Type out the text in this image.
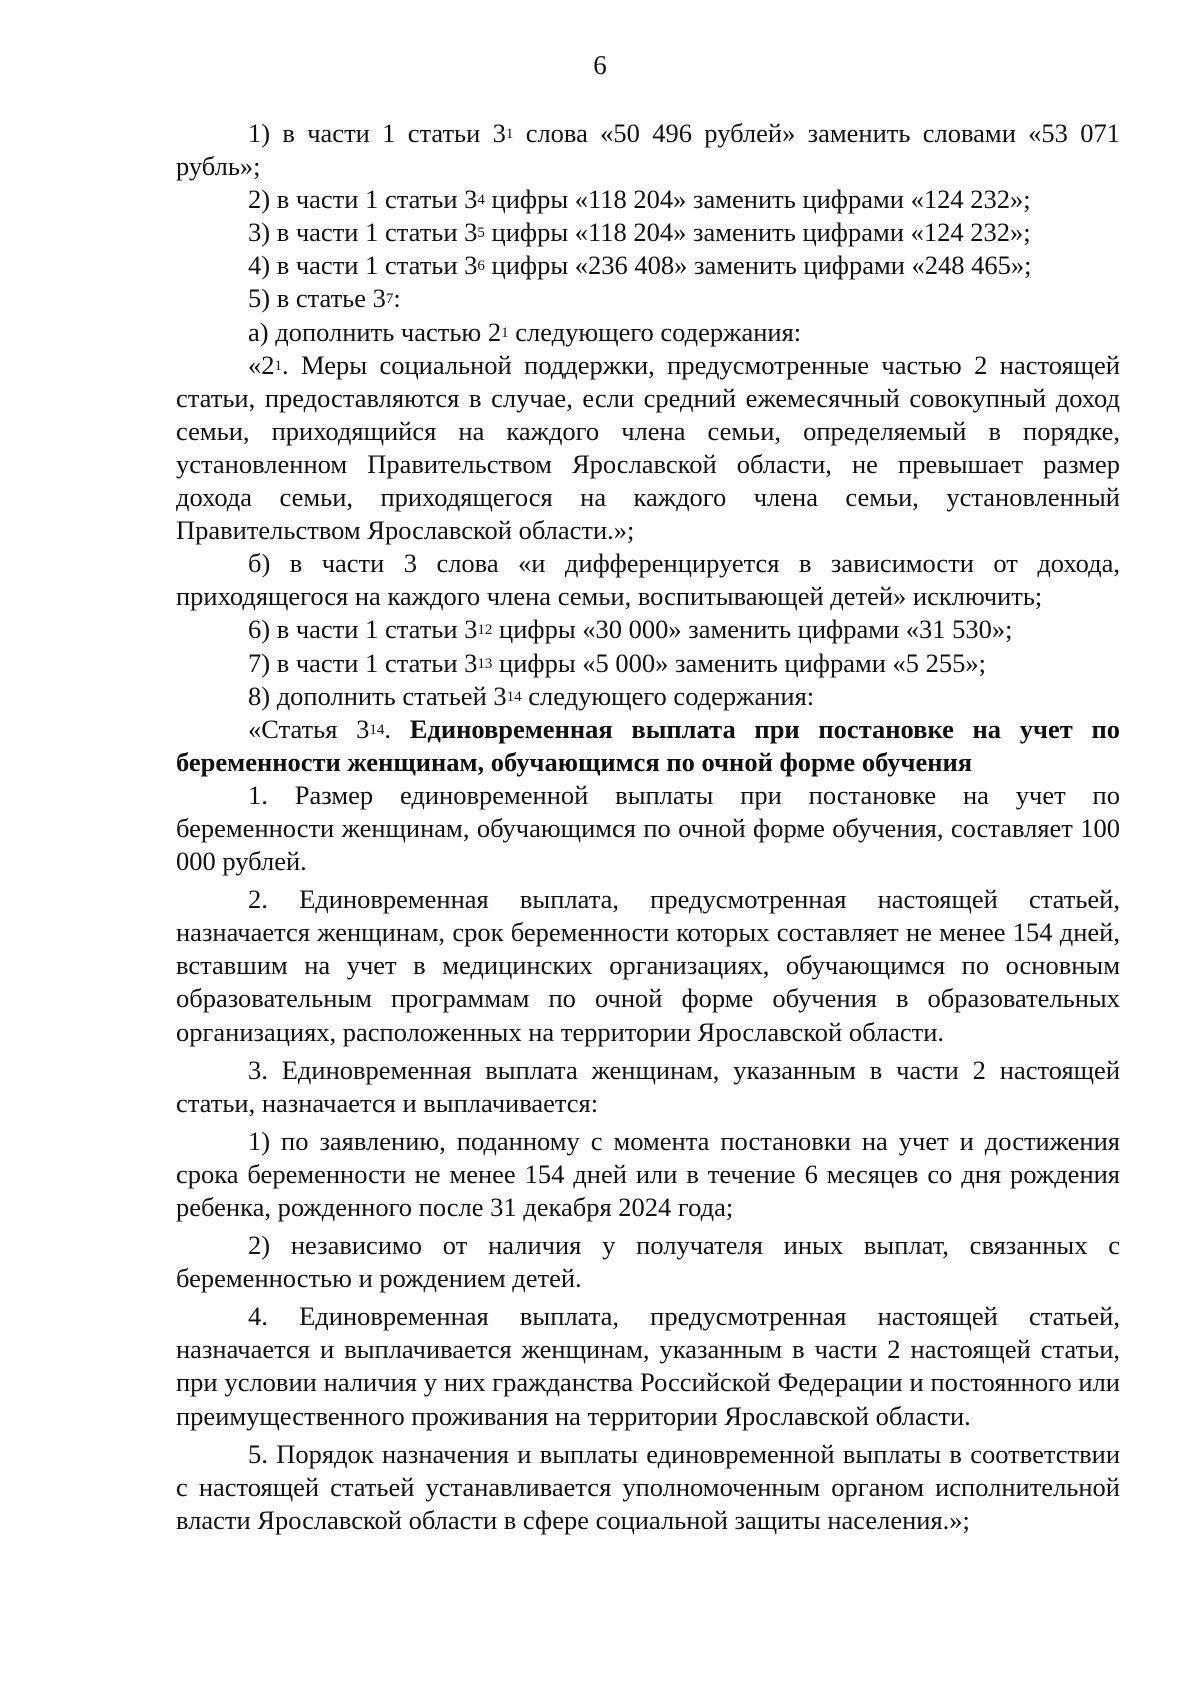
6

1) в части 1 статьи $3^1$ слова «50 496 рублей» заменить словами «53 071 рубль»;

2) в части 1 статьи $3^4$ цифры «118 204» заменить цифрами «124 232»;

3) в части 1 статьи $3^5$ цифры «118 204» заменить цифрами «124 232»;

4) в части 1 статьи $3^6$ цифры «236 408» заменить цифрами «248 465»;

5) в статье $3^7$:

а) дополнить частью $2^1$ следующего содержания:

«$2^1$. Меры социальной поддержки, предусмотренные частью 2 настоящей статьи, предоставляются в случае, если средний ежемесячный совокупный доход семьи, приходящийся на каждого члена семьи, определяемый в порядке, установленном Правительством Ярославской области, не превышает размер дохода семьи, приходящегося на каждого члена семьи, установленный Правительством Ярославской области.»;

б) в части 3 слова «и дифференцируется в зависимости от дохода, приходящегося на каждого члена семьи, воспитывающей детей» исключить;

6) в части 1 статьи $3^{12}$ цифры «30 000» заменить цифрами «31 530»;

7) в части 1 статьи $3^{13}$ цифры «5 000» заменить цифрами «5 255»;

8) дополнить статьей $3^{14}$ следующего содержания:

«Статья $3^{14}$. Единовременная выплата при постановке на учет по беременности женщинам, обучающимся по очной форме обучения

1. Размер единовременной выплаты при постановке на учет по беременности женщинам, обучающимся по очной форме обучения, составляет 100 000 рублей.

2. Единовременная выплата, предусмотренная настоящей статьей, назначается женщинам, срок беременности которых составляет не менее 154 дней, вставшим на учет в медицинских организациях, обучающимся по основным образовательным программам по очной форме обучения в образовательных организациях, расположенных на территории Ярославской области.

3. Единовременная выплата женщинам, указанным в части 2 настоящей статьи, назначается и выплачивается:

1) по заявлению, поданному с момента постановки на учет и достижения срока беременности не менее 154 дней или в течение 6 месяцев со дня рождения ребенка, рожденного после 31 декабря 2024 года;

2) независимо от наличия у получателя иных выплат, связанных с беременностью и рождением детей.

4. Единовременная выплата, предусмотренная настоящей статьей, назначается и выплачивается женщинам, указанным в части 2 настоящей статьи, при условии наличия у них гражданства Российской Федерации и постоянного или преимущественного проживания на территории Ярославской области.

5. Порядок назначения и выплаты единовременной выплаты в соответствии с настоящей статьей устанавливается уполномоченным органом исполнительной власти Ярославской области в сфере социальной защиты населения.»;
